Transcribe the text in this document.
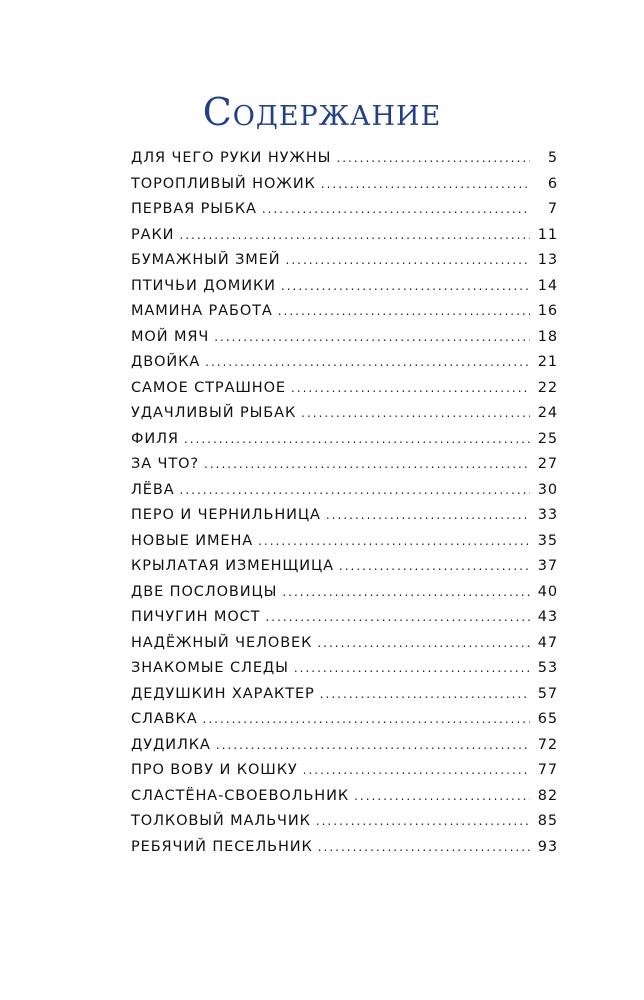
Содержание
ДЛЯ ЧЕГО РУКИ НУЖНЫ .....	5
ТОРОПЛИВЫЙ НОЖИК .....	6
ПЕРВАЯ РЫБКА .....	7
РАКИ .....	11
БУМАЖНЫЙ ЗМЕЙ .....	13
ПТИЧЬИ ДОМИКИ .....	14
МАМИНА РАБОТА .....	16
МОЙ МЯЧ .....	18
ДВОЙКА .....	21
САМОЕ СТРАШНОЕ .....	22
УДАЧЛИВЫЙ РЫБАК .....	24
ФИЛЯ .....	25
ЗА ЧТО? .....	27
ЛЁВА .....	30
ПЕРО И ЧЕРНИЛЬНИЦА .....	33
НОВЫЕ ИМЕНА .....	35
КРЫЛАТАЯ ИЗМЕНЩИЦА .....	37
ДВЕ ПОСЛОВИЦЫ .....	40
ПИЧУГИН МОСТ .....	43
НАДЁЖНЫЙ ЧЕЛОВЕК .....	47
ЗНАКОМЫЕ СЛЕДЫ .....	53
ДЕДУШКИН ХАРАКТЕР .....	57
СЛАВКА .....	65
ДУДИЛКА .....	72
ПРО ВОВУ И КОШКУ .....	77
СЛАСТЁНА-СВОЕВОЛЬНИК .....	82
ТОЛКОВЫЙ МАЛЬЧИК .....	85
РЕБЯЧИЙ ПЕСЕЛЬНИК .....	93
